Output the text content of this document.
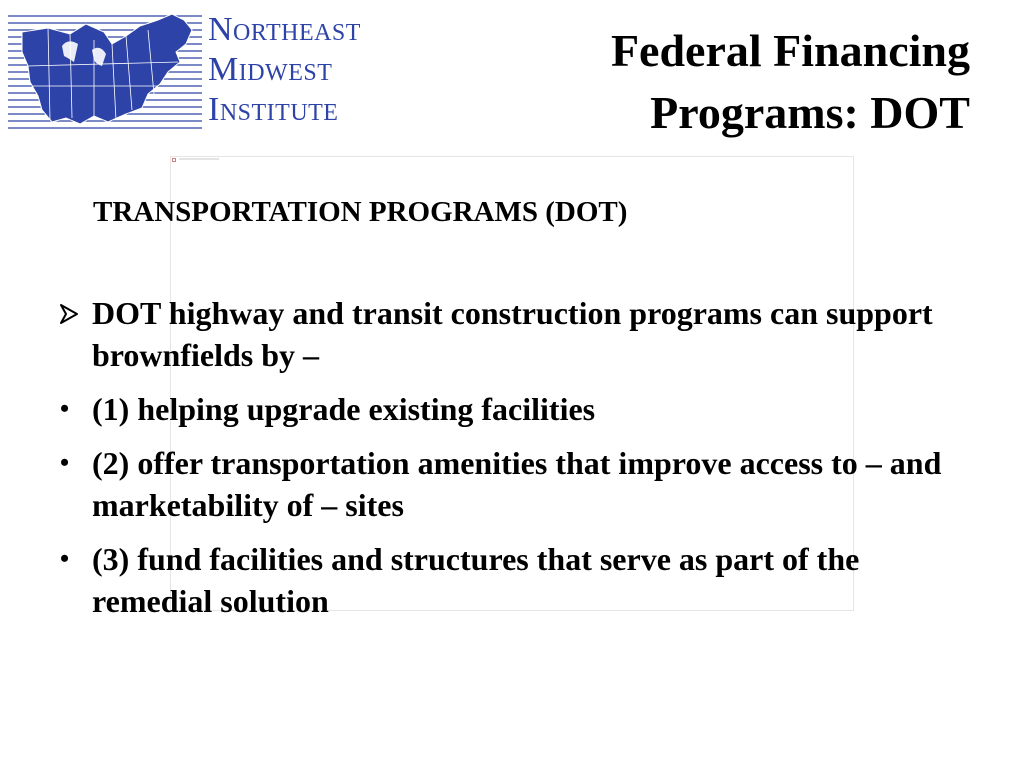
Northeast
Midwest
Institute
Federal Financing
Programs: DOT
TRANSPORTATION PROGRAMS (DOT)
DOT highway and transit construction programs can support brownfields by –
• (1) helping upgrade existing facilities
• (2) offer transportation amenities that improve access to – and marketability of – sites
• (3) fund facilities and structures that serve as part of the remedial solution
